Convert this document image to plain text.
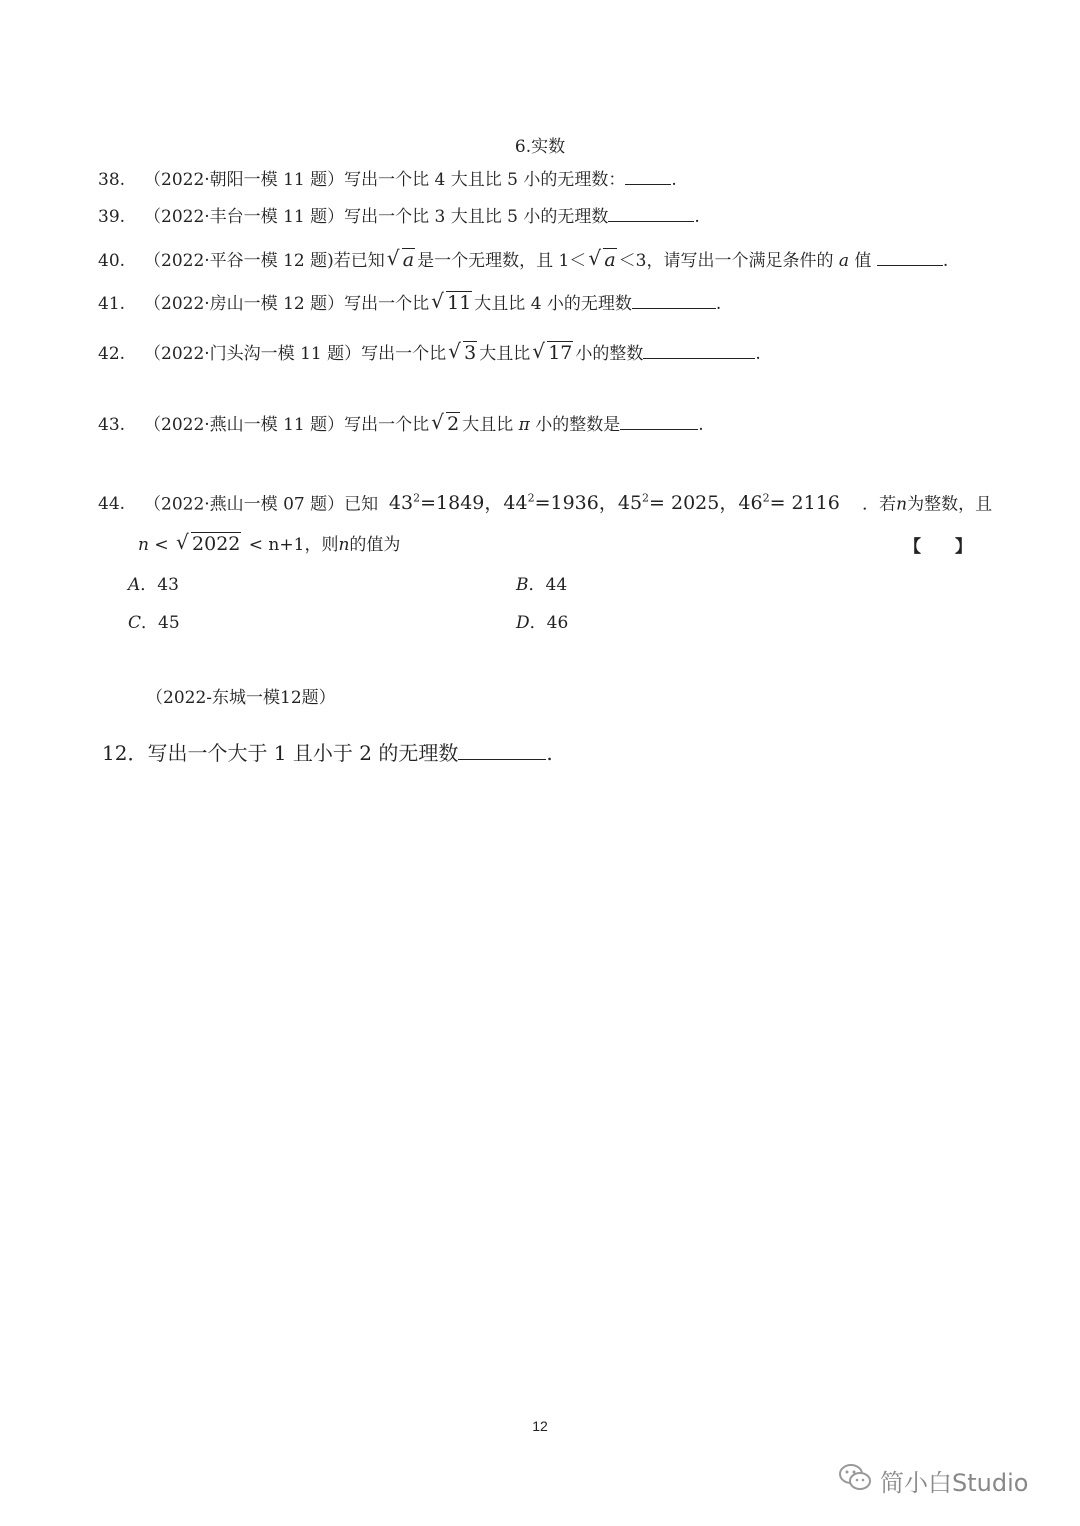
6.实数
38. （2022·朝阳一模 11 题）写出一个比 4 大且比 5 小的无理数：	.
39. （2022·丰台一模 11 题）写出一个比 3 大且比 5 小的无理数	.
40. （2022·平谷一模 12 题)若已知 √ a 是一个无理数，且 1＜ √ a ＜3，请写出一个满足条件的 a 值	.
41. （2022·房山一模 12 题）写出一个比 √ 11 大且比 4 小的无理数	.
42. （2022·门头沟一模 11 题）写出一个比 √ 3 大且比 √ 17 小的整数	.
43. （2022·燕山一模 11 题）写出一个比 √ 2 大且比 π 小的整数是	.
44. （2022·燕山一模 07 题）已知 $43^2=1849$，$44^2=1936$，$45^2= 2025$，$46^2= 2116$ ．若n为整数，且
n < √ 2022 < n+1，则n的值为	【　　】
A．43	B．44
C．45	D．46
（2022-东城一模12题）
12．写出一个大于 1 且小于 2 的无理数	.
12
简小白Studio
